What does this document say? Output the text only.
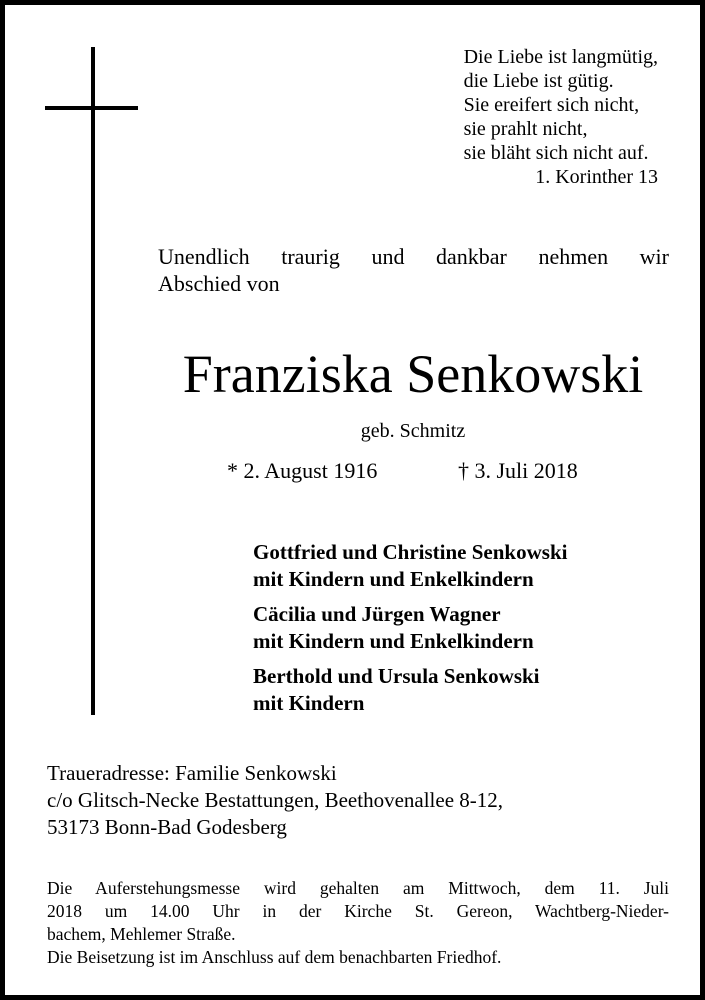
Die Liebe ist langmütig,
die Liebe ist gütig.
Sie ereifert sich nicht,
sie prahlt nicht,
sie bläht sich nicht auf.
1. Korinther 13
Unendlich traurig und dankbar nehmen wir
Abschied von
Franziska Senkowski
geb. Schmitz
* 2. August 1916	† 3. Juli 2018
Gottfried und Christine Senkowski
mit Kindern und Enkelkindern
Cäcilia und Jürgen Wagner
mit Kindern und Enkelkindern
Berthold und Ursula Senkowski
mit Kindern
Traueradresse: Familie Senkowski
c/o Glitsch-Necke Bestattungen, Beethovenallee 8-12,
53173 Bonn-Bad Godesberg
Die Auferstehungsmesse wird gehalten am Mittwoch, dem 11. Juli
2018 um 14.00 Uhr in der Kirche St. Gereon, Wachtberg-Nieder-
bachem, Mehlemer Straße.
Die Beisetzung ist im Anschluss auf dem benachbarten Friedhof.
